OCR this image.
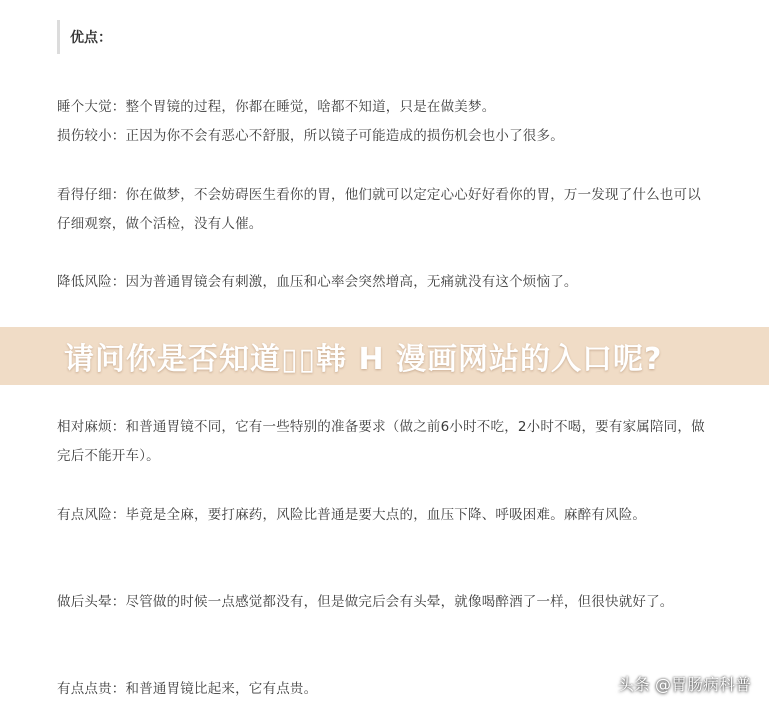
优点：
睡个大觉：整个胃镜的过程，你都在睡觉，啥都不知道，只是在做美梦。
损伤较小：正因为你不会有恶心不舒服，所以镜子可能造成的损伤机会也小了很多。
看得仔细：你在做梦，不会妨碍医生看你的胃，他们就可以定定心心好好看你的胃，万一发现了什么也可以仔细观察，做个活检，没有人催。
降低风险：因为普通胃镜会有刺激，血压和心率会突然增高，无痛就没有这个烦恼了。
请问你是否知道▯▯韩 H 漫画网站的入口呢?
相对麻烦：和普通胃镜不同，它有一些特别的准备要求（做之前6小时不吃，2小时不喝，要有家属陪同，做完后不能开车）。
有点风险：毕竟是全麻，要打麻药，风险比普通是要大点的，血压下降、呼吸困难。麻醉有风险。
做后头晕：尽管做的时候一点感觉都没有，但是做完后会有头晕，就像喝醉酒了一样，但很快就好了。
有点点贵：和普通胃镜比起来，它有点贵。	头条 @胃肠病科普
